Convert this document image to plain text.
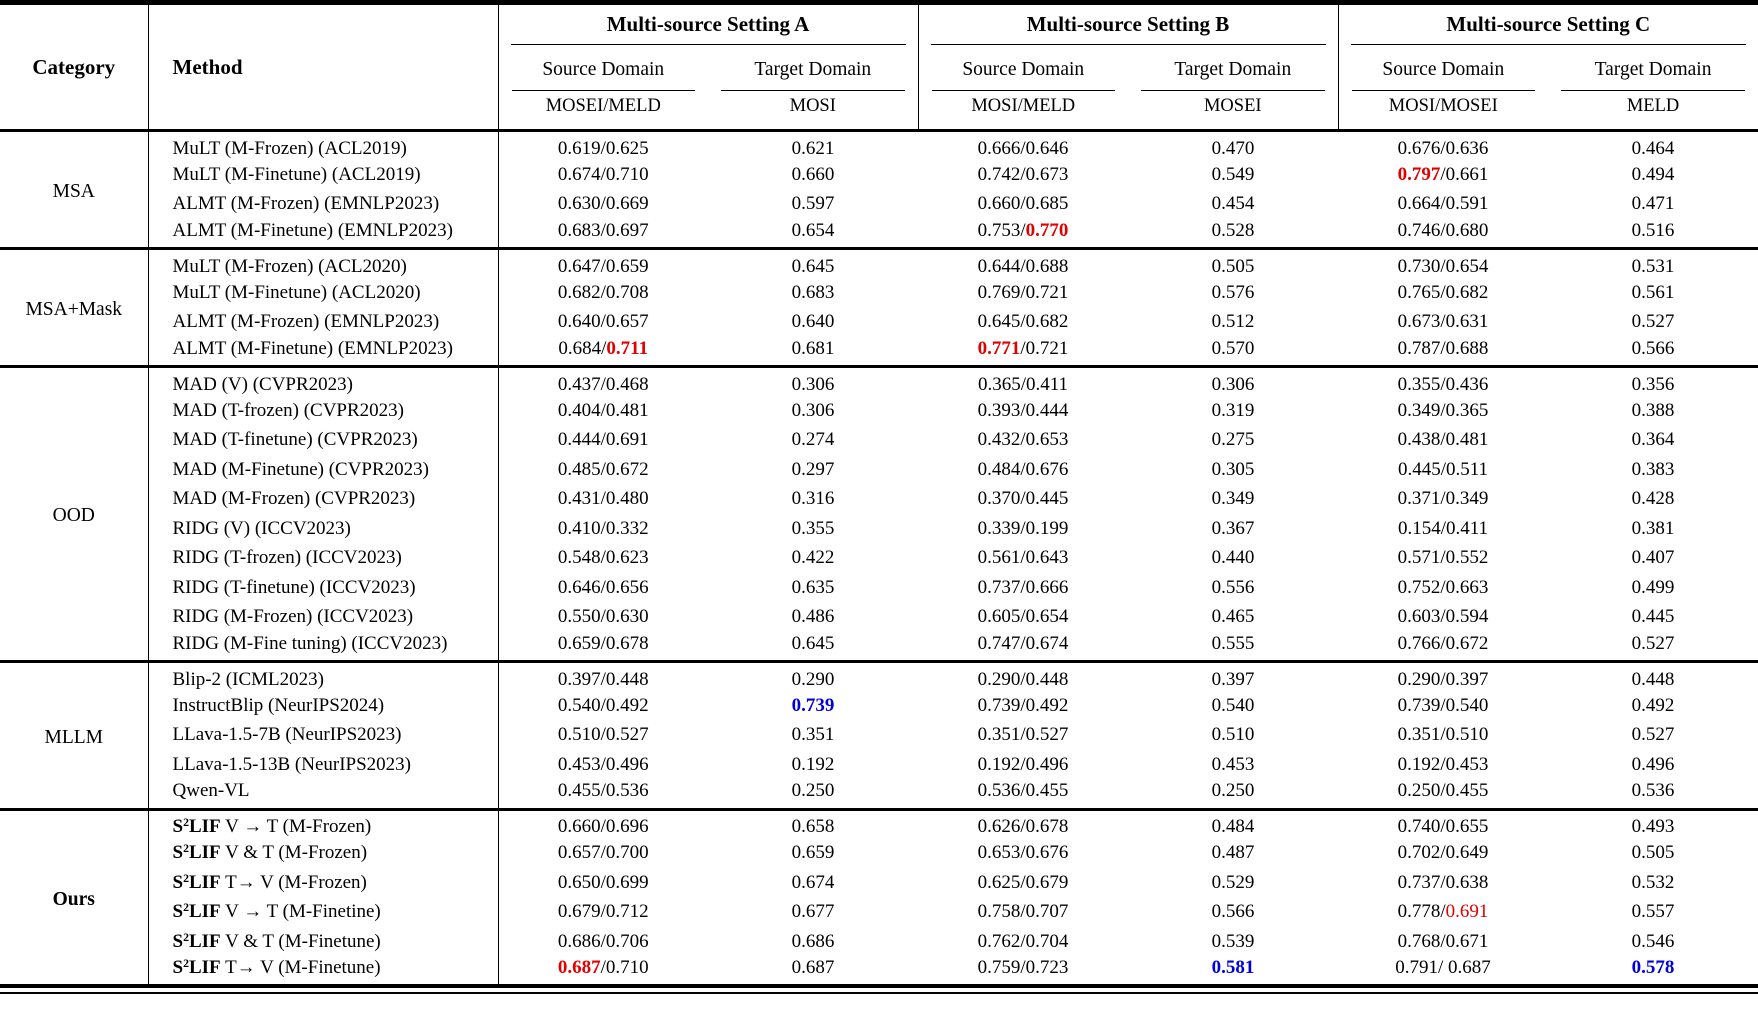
Category	Method	Multi-source Setting A		Multi-source Setting B		Multi-source Setting C	

		Source Domain	Target Domain	Source Domain	Target Domain	Source Domain	Target Domain

		MOSEI/MELD	MOSI	MOSI/MELD	MOSEI	MOSI/MOSEI	MELD
MSA	MuLT (M-Frozen) (ACL2019)	0.619/0.625	0.621	0.666/0.646	0.470	0.676/0.636	0.464
	MuLT (M-Finetune) (ACL2019)	0.674/0.710	0.660	0.742/0.673	0.549	0.797/0.661	0.494
	ALMT (M-Frozen) (EMNLP2023)	0.630/0.669	0.597	0.660/0.685	0.454	0.664/0.591	0.471
	ALMT (M-Finetune) (EMNLP2023)	0.683/0.697	0.654	0.753/0.770	0.528	0.746/0.680	0.516
MSA+Mask	MuLT (M-Frozen) (ACL2020)	0.647/0.659	0.645	0.644/0.688	0.505	0.730/0.654	0.531
	MuLT (M-Finetune) (ACL2020)	0.682/0.708	0.683	0.769/0.721	0.576	0.765/0.682	0.561
	ALMT (M-Frozen) (EMNLP2023)	0.640/0.657	0.640	0.645/0.682	0.512	0.673/0.631	0.527
	ALMT (M-Finetune) (EMNLP2023)	0.684/0.711	0.681	0.771/0.721	0.570	0.787/0.688	0.566
OOD	MAD (V) (CVPR2023)	0.437/0.468	0.306	0.365/0.411	0.306	0.355/0.436	0.356
	MAD (T-frozen) (CVPR2023)	0.404/0.481	0.306	0.393/0.444	0.319	0.349/0.365	0.388
	MAD (T-finetune) (CVPR2023)	0.444/0.691	0.274	0.432/0.653	0.275	0.438/0.481	0.364
	MAD (M-Finetune) (CVPR2023)	0.485/0.672	0.297	0.484/0.676	0.305	0.445/0.511	0.383
	MAD (M-Frozen) (CVPR2023)	0.431/0.480	0.316	0.370/0.445	0.349	0.371/0.349	0.428
	RIDG (V) (ICCV2023)	0.410/0.332	0.355	0.339/0.199	0.367	0.154/0.411	0.381
	RIDG (T-frozen) (ICCV2023)	0.548/0.623	0.422	0.561/0.643	0.440	0.571/0.552	0.407
	RIDG (T-finetune) (ICCV2023)	0.646/0.656	0.635	0.737/0.666	0.556	0.752/0.663	0.499
	RIDG (M-Frozen) (ICCV2023)	0.550/0.630	0.486	0.605/0.654	0.465	0.603/0.594	0.445
	RIDG (M-Fine tuning) (ICCV2023)	0.659/0.678	0.645	0.747/0.674	0.555	0.766/0.672	0.527
MLLM	Blip-2 (ICML2023)	0.397/0.448	0.290	0.290/0.448	0.397	0.290/0.397	0.448
	InstructBlip (NeurIPS2024)	0.540/0.492	0.739	0.739/0.492	0.540	0.739/0.540	0.492
	LLava-1.5-7B (NeurIPS2023)	0.510/0.527	0.351	0.351/0.527	0.510	0.351/0.510	0.527
	LLava-1.5-13B (NeurIPS2023)	0.453/0.496	0.192	0.192/0.496	0.453	0.192/0.453	0.496
	Qwen-VL	0.455/0.536	0.250	0.536/0.455	0.250	0.250/0.455	0.536
Ours	$S^2LIF$ V → T (M-Frozen)	0.660/0.696	0.658	0.626/0.678	0.484	0.740/0.655	0.493
	$S^2LIF$ V & T (M-Frozen)	0.657/0.700	0.659	0.653/0.676	0.487	0.702/0.649	0.505
	$S^2LIF$ T→ V (M-Frozen)	0.650/0.699	0.674	0.625/0.679	0.529	0.737/0.638	0.532
	$S^2LIF$ V → T (M-Finetine)	0.679/0.712	0.677	0.758/0.707	0.566	0.778/0.691	0.557
	$S^2LIF$ V & T (M-Finetune)	0.686/0.706	0.686	0.762/0.704	0.539	0.768/0.671	0.546
	$S^2LIF$ T→ V (M-Finetune)	0.687/0.710	0.687	0.759/0.723	0.581	0.791/ 0.687	0.578
